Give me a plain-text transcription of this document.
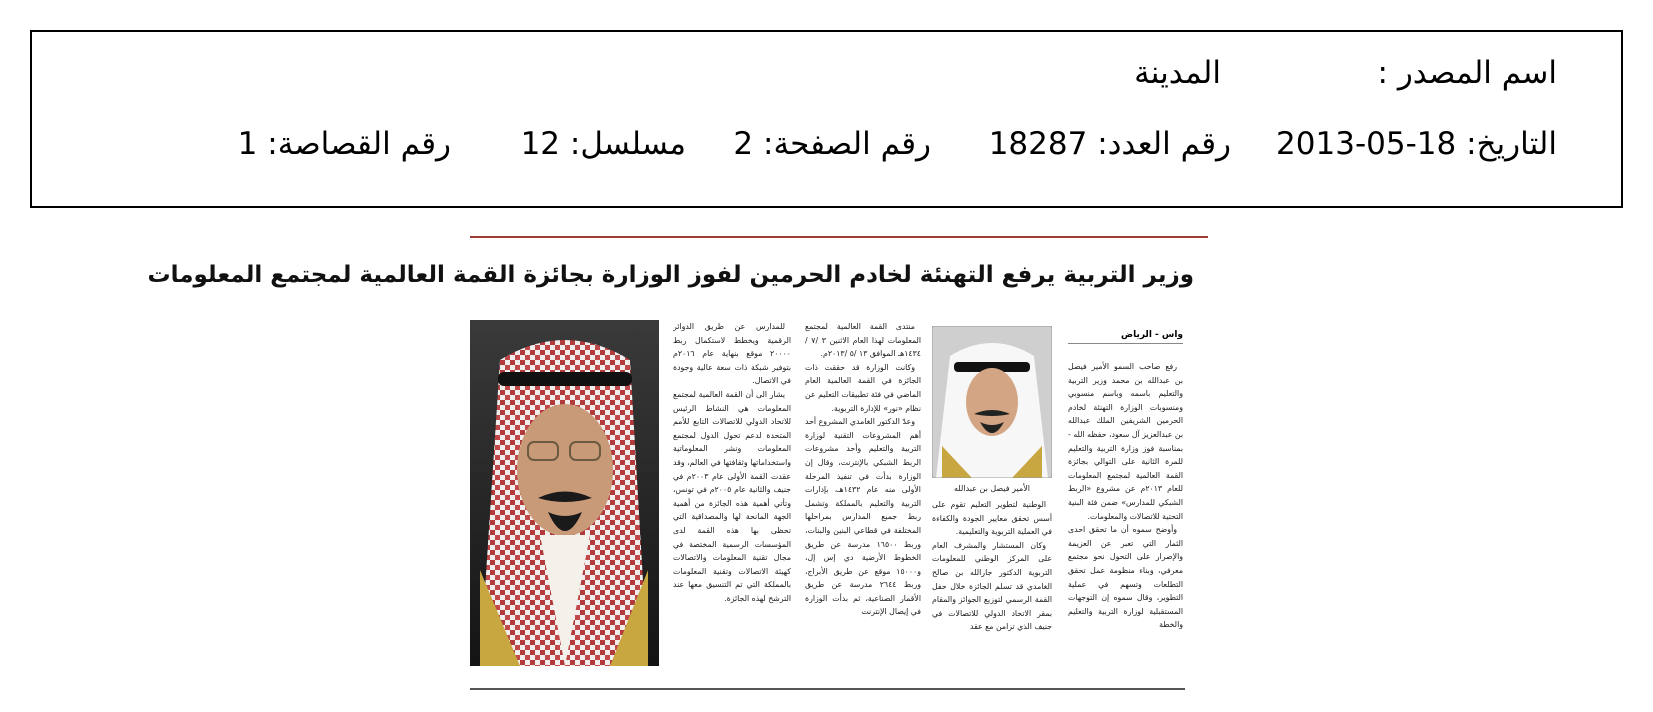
اسم المصدر :
المدينة
التاريخ: 2013-05-18
رقم العدد: 18287
رقم الصفحة: 2
مسلسل: 12
رقم القصاصة: 1
وزير التربية يرفع التهنئة لخادم الحرمين لفوز الوزارة بجائزة القمة العالمية لمجتمع المعلومات
الأمير فيصل بن عبدالله
واس - الرياض

رفع صاحب السمو الأمير فيصل بن عبدالله بن محمد وزير التربية والتعليم باسمه وباسم منسوبي ومنسوبات الوزارة التهنئة لخادم الحرمين الشريفين الملك عبدالله بن عبدالعزيز آل سعود، حفظه الله - بمناسبة فوز وزارة التربية والتعليم للمرة الثانية على التوالي بجائزة القمة العالمية لمجتمع المعلومات للعام ٢٠١٣م عن مشروع «الربط الشبكي للمدارس» ضمن فئة البنية التحتية للاتصالات والمعلومات.

وأوضح سموه أن ما تحقق احدى الثمار التي تعبر عن العزيمة والإصرار على التحول نحو مجتمع معرفي، وبناء منظومة عمل تحقق التطلعات وتسهم في عملية التطوير، وقال سموه إن التوجهات المستقبلية لوزارة التربية والتعليم والخطة

الوطنية لتطوير التعليم تقوم على أسس تحقق معايير الجودة والكفاءة في العملية التربوية والتعليمية.

وكان المستشار والمشرف العام على المركز الوطني للمعلومات التربوية الدكتور جارالله بن صالح الغامدي قد تسلم الجائزة خلال حفل القمة الرسمي لتوزيع الجوائز والمقام بمقر الاتحاد الدولي للاتصالات في جنيف الذي تزامن مع عقد

منتدى القمة العالمية لمجتمع المعلومات لهذا العام الاثنين ٣ /٧ /١٤٣٤هـ الموافق ١٣ /٥ /٢٠١٣م.

وكانت الوزارة قد حققت ذات الجائزة في القمة العالمية العام الماضي في فئة تطبيقات التعليم عن نظام «نور» للإدارة التربوية.

وعدّ الدكتور الغامدي المشروع أحد أهم المشروعات التقنية لوزارة التربية والتعليم وأحد مشروعات الربط الشبكي بالإنترنت، وقال إن الوزارة بدأت في تنفيذ المرحلة الأولى منه عام ١٤٣٢هـ، بإدارات التربية والتعليم بالمملكة وتشمل ربط جميع المدارس بمراحلها المختلفة في قطاعي البنين والبنات، وربط ١٦٥٠٠ مدرسة عن طريق الخطوط الأرضية دي إس إل، و١٥٠٠٠ موقع عن طريق الأبراج، وربط ٢٦٤٤ مدرسة عن طريق الأقمار الصناعية، ثم بدأت الوزارة في إيصال الإنترنت

للمدارس عن طريق الدوائر الرقمية ويخطط لاستكمال ربط ٢٠٠٠٠ موقع بنهاية عام ٢٠١٦م بتوفير شبكة ذات سعة عالية وجودة في الاتصال.

يشار الى أن القمة العالمية لمجتمع المعلومات هي النشاط الرئيس للاتحاد الدولي للاتصالات التابع للأمم المتحدة لدعم تحول الدول لمجتمع المعلومات ونشر المعلوماتية واستخداماتها وثقافتها في العالم، وقد عقدت القمة الأولى عام ٢٠٠٣م في جنيف والثانية عام ٢٠٠٥م في تونس، وتأتي أهمية هذه الجائزة من أهمية الجهة المانحة لها والمصداقية التي تحظى بها هذه القمة لدى المؤسسات الرسمية المختصة في مجال تقنية المعلومات والاتصالات كهيئة الاتصالات وتقنية المعلومات بالمملكة التي تم التنسيق معها عند الترشح لهذه الجائزة.
